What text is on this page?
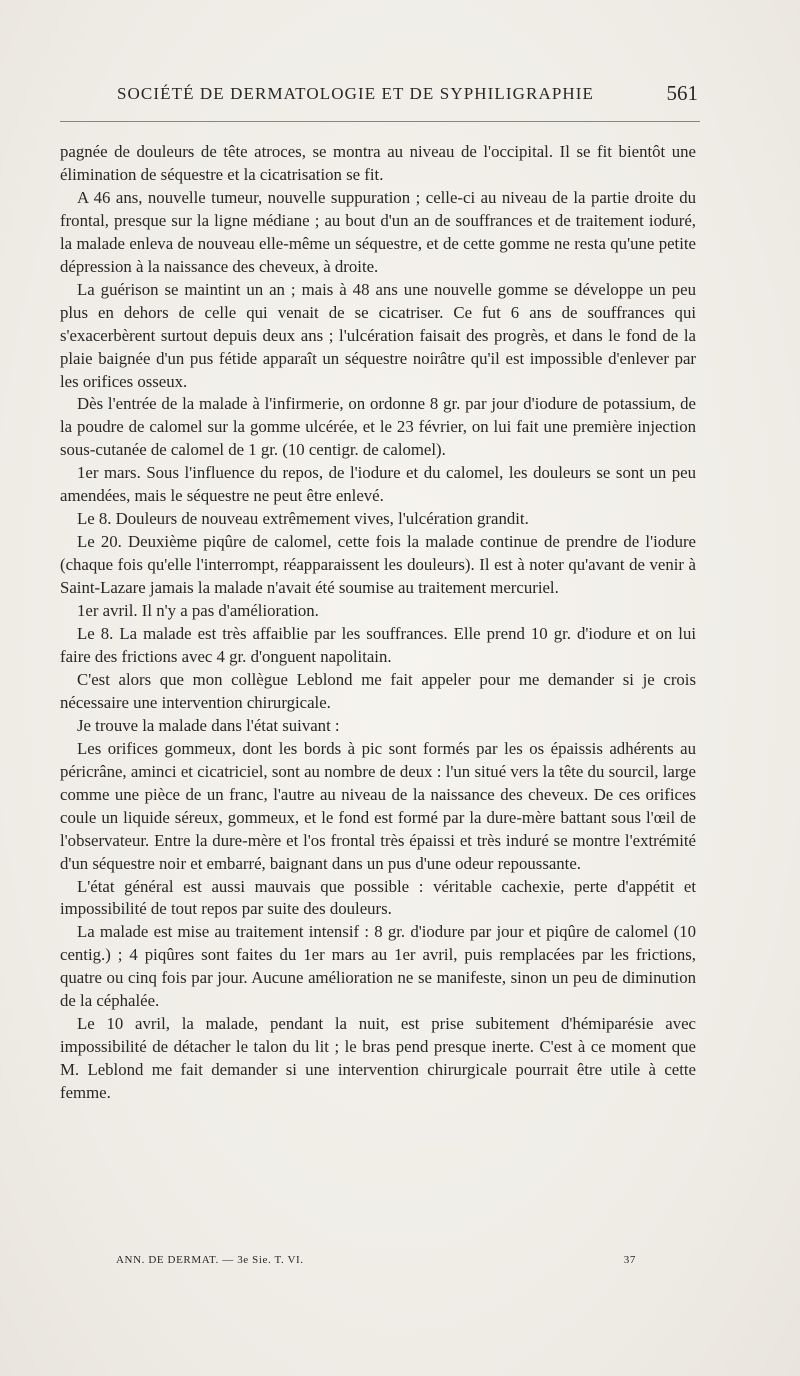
SOCIÉTÉ DE DERMATOLOGIE ET DE SYPHILIGRAPHIE	561

pagnée de douleurs de tête atroces, se montra au niveau de l'occipital. Il se fit bientôt une élimination de séquestre et la cicatrisation se fit.

A 46 ans, nouvelle tumeur, nouvelle suppuration ; celle-ci au niveau de la partie droite du frontal, presque sur la ligne médiane ; au bout d'un an de souffrances et de traitement ioduré, la malade enleva de nouveau elle-même un séquestre, et de cette gomme ne resta qu'une petite dépression à la naissance des cheveux, à droite.

La guérison se maintint un an ; mais à 48 ans une nouvelle gomme se développe un peu plus en dehors de celle qui venait de se cicatriser. Ce fut 6 ans de souffrances qui s'exacerbèrent surtout depuis deux ans ; l'ulcération faisait des progrès, et dans le fond de la plaie baignée d'un pus fétide apparaît un séquestre noirâtre qu'il est impossible d'enlever par les orifices osseux.

Dès l'entrée de la malade à l'infirmerie, on ordonne 8 gr. par jour d'iodure de potassium, de la poudre de calomel sur la gomme ulcérée, et le 23 février, on lui fait une première injection sous-cutanée de calomel de 1 gr. (10 centigr. de calomel).

1er mars. Sous l'influence du repos, de l'iodure et du calomel, les douleurs se sont un peu amendées, mais le séquestre ne peut être enlevé.

Le 8. Douleurs de nouveau extrêmement vives, l'ulcération grandit.

Le 20. Deuxième piqûre de calomel, cette fois la malade continue de prendre de l'iodure (chaque fois qu'elle l'interrompt, réapparaissent les douleurs). Il est à noter qu'avant de venir à Saint-Lazare jamais la malade n'avait été soumise au traitement mercuriel.

1er avril. Il n'y a pas d'amélioration.

Le 8. La malade est très affaiblie par les souffrances. Elle prend 10 gr. d'iodure et on lui faire des frictions avec 4 gr. d'onguent napolitain.

C'est alors que mon collègue Leblond me fait appeler pour me demander si je crois nécessaire une intervention chirurgicale.

Je trouve la malade dans l'état suivant :

Les orifices gommeux, dont les bords à pic sont formés par les os épaissis adhérents au péricrâne, aminci et cicatriciel, sont au nombre de deux : l'un situé vers la tête du sourcil, large comme une pièce de un franc, l'autre au niveau de la naissance des cheveux. De ces orifices coule un liquide séreux, gommeux, et le fond est formé par la dure-mère battant sous l'œil de l'observateur. Entre la dure-mère et l'os frontal très épaissi et très induré se montre l'extrémité d'un séquestre noir et embarré, baignant dans un pus d'une odeur repoussante.

L'état général est aussi mauvais que possible : véritable cachexie, perte d'appétit et impossibilité de tout repos par suite des douleurs.

La malade est mise au traitement intensif : 8 gr. d'iodure par jour et piqûre de calomel (10 centig.) ; 4 piqûres sont faites du 1er mars au 1er avril, puis remplacées par les frictions, quatre ou cinq fois par jour. Aucune amélioration ne se manifeste, sinon un peu de diminution de la céphalée.

Le 10 avril, la malade, pendant la nuit, est prise subitement d'hémiparésie avec impossibilité de détacher le talon du lit ; le bras pend presque inerte. C'est à ce moment que M. Leblond me fait demander si une intervention chirurgicale pourrait être utile à cette femme.

ANN. DE DERMAT. — 3e Sie. T. VI.	37
